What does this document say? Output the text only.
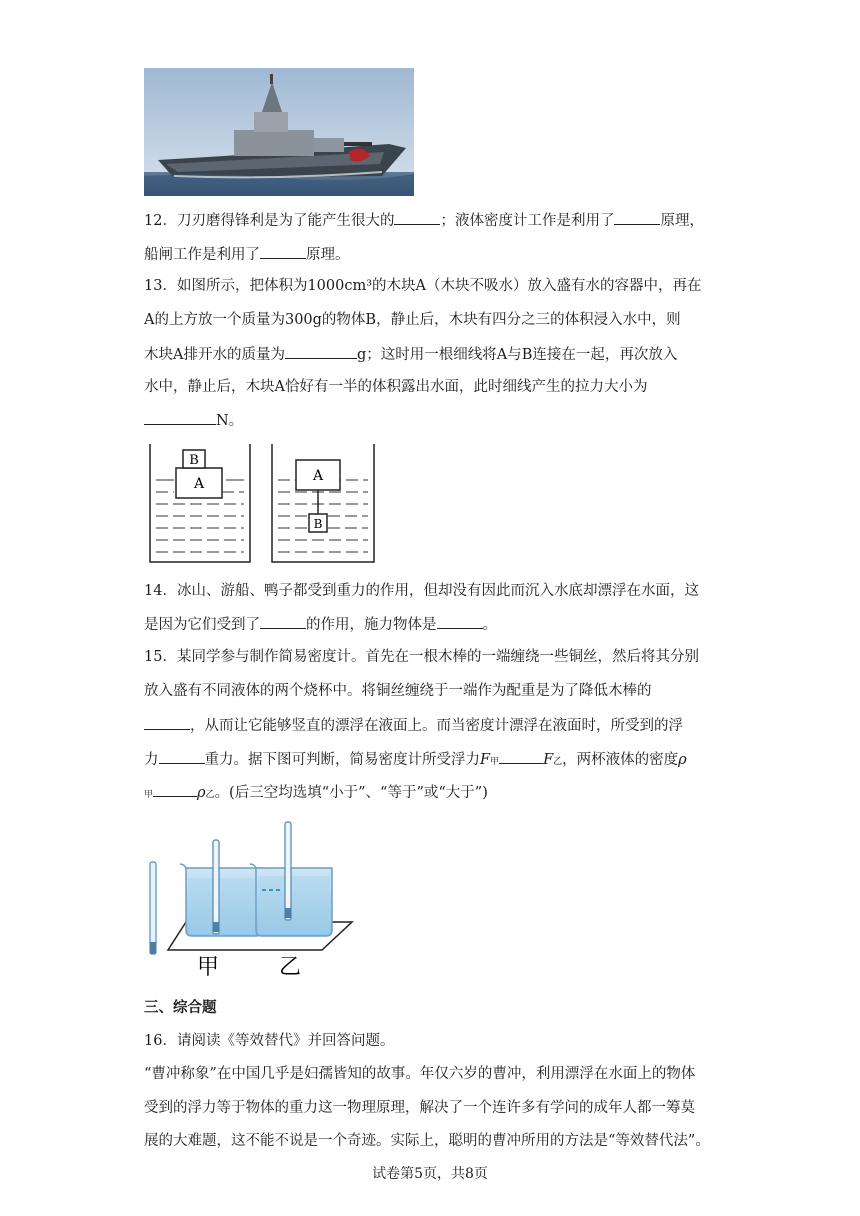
12．刀刃磨得锋利是为了能产生很大的	；液体密度计工作是利用了	原理，
船闸工作是利用了	原理。
13．如图所示，把体积为1000cm³的木块A（木块不吸水）放入盛有水的容器中，再在
A的上方放一个质量为300g的物体B，静止后，木块有四分之三的体积浸入水中，则
木块A排开水的质量为	g；这时用一根细线将A与B连接在一起，再次放入
水中，静止后，木块A恰好有一半的体积露出水面，此时细线产生的拉力大小为
N。
A
B
A
B
14．冰山、游船、鸭子都受到重力的作用，但却没有因此而沉入水底却漂浮在水面，这
是因为它们受到了	的作用，施力物体是	。
15．某同学参与制作简易密度计。首先在一根木棒的一端缠绕一些铜丝，然后将其分别
放入盛有不同液体的两个烧杯中。将铜丝缠绕于一端作为配重是为了降低木棒的
，从而让它能够竖直的漂浮在液面上。而当密度计漂浮在液面时，所受到的浮
力	重力。据下图可判断，简易密度计所受浮力F甲	F乙，两杯液体的密度ρ
甲	ρ乙。(后三空均选填“小于”、“等于”或“大于”)
甲	乙
三、综合题
16．请阅读《等效替代》并回答问题。
“曹冲称象”在中国几乎是妇孺皆知的故事。年仅六岁的曹冲，利用漂浮在水面上的物体
受到的浮力等于物体的重力这一物理原理，解决了一个连许多有学问的成年人都一筹莫
展的大难题，这不能不说是一个奇迹。实际上，聪明的曹冲所用的方法是“等效替代法”。
试卷第5页，共8页
